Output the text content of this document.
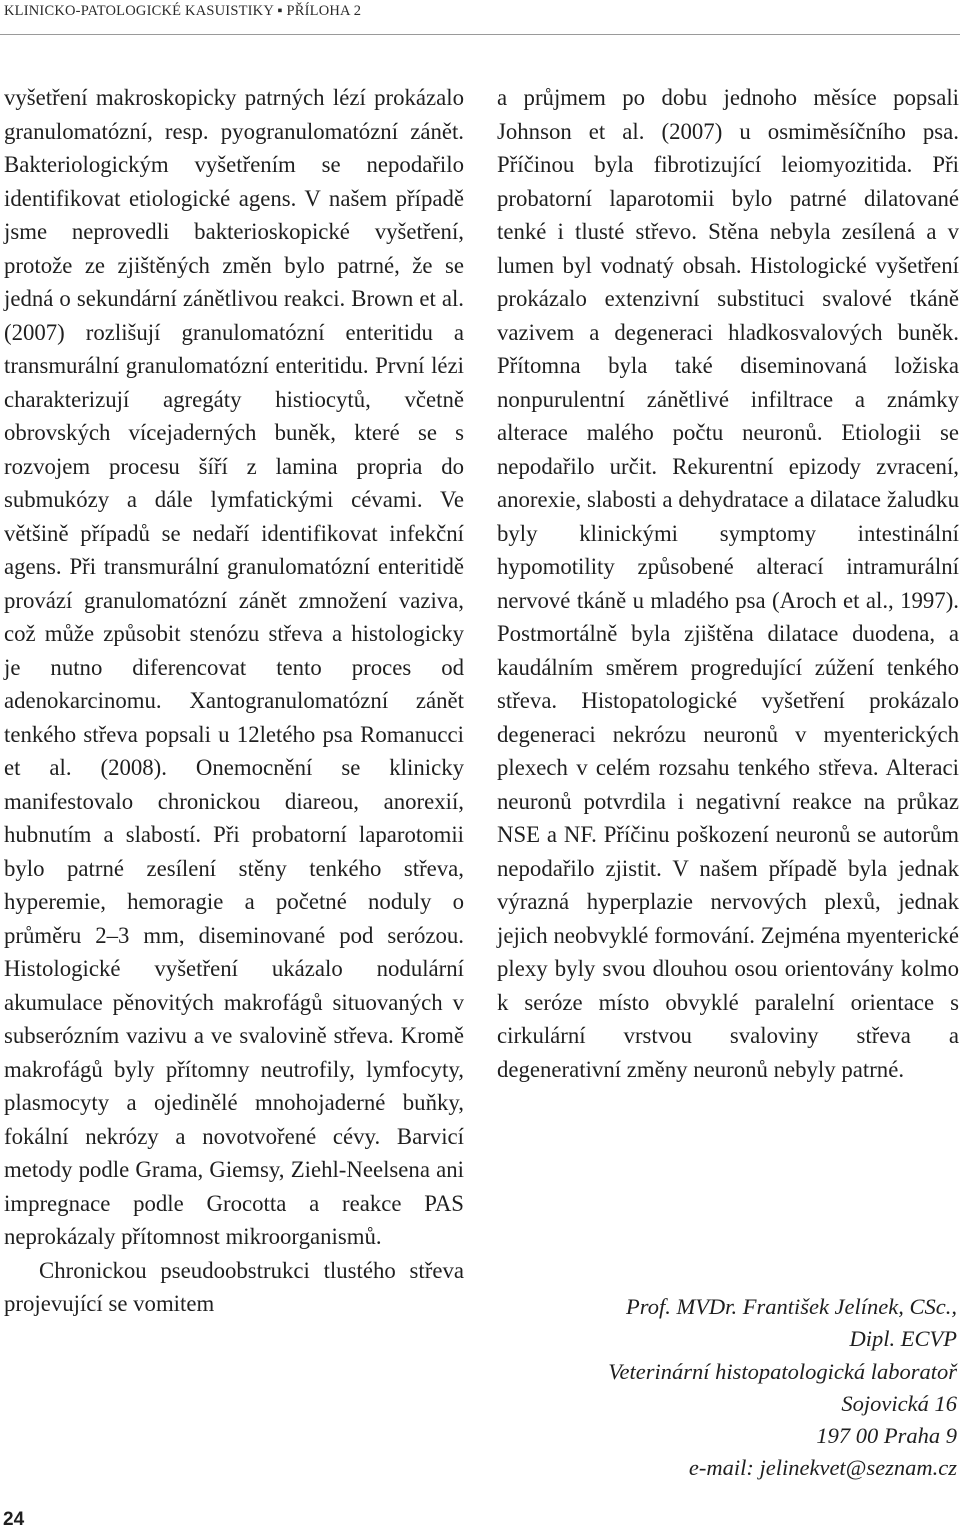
KLINICKO-PATOLOGICKÉ KASUISTIKY ▪ PŘÍLOHA 2

vyšetření makroskopicky patrných lézí prokázalo granulomatózní, resp. pyogranulomatózní zánět. Bakteriologickým vyšetřením se nepodařilo identifikovat etiologické agens. V našem případě jsme neprovedli bakterioskopické vyšetření, protože ze zjištěných změn bylo patrné, že se jedná o sekundární zánětlivou reakci. Brown et al. (2007) rozlišují granulomatózní enteritidu a transmurální granulomatózní enteritidu. První lézi charakterizují agregáty histiocytů, včetně obrovských vícejaderných buněk, které se s rozvojem procesu šíří z lamina propria do submukózy a dále lymfatickými cévami. Ve většině případů se nedaří identifikovat infekční agens. Při transmurální granulomatózní enteritidě provází granulomatózní zánět zmnožení vaziva, což může způsobit stenózu střeva a histologicky je nutno diferencovat tento proces od adenokarcinomu. Xantogranulomatózní zánět tenkého střeva popsali u 12letého psa Romanucci et al. (2008). Onemocnění se klinicky manifestovalo chronickou diareou, anorexií, hubnutím a slabostí. Při probatorní laparotomii bylo patrné zesílení stěny tenkého střeva, hyperemie, hemoragie a početné noduly o průměru 2–3 mm, diseminované pod serózou. Histologické vyšetření ukázalo nodulární akumulace pěnovitých makrofágů situovaných v subserózním vazivu a ve svalovině střeva. Kromě makrofágů byly přítomny neutrofily, lymfocyty, plasmocyty a ojedinělé mnohojaderné buňky, fokální nekrózy a novotvořené cévy. Barvicí metody podle Grama, Giemsy, Ziehl-Neelsena ani impregnace podle Grocotta a reakce PAS neprokázaly přítomnost mikroorganismů.

Chronickou pseudoobstrukci tlustého střeva projevující se vomitem

a průjmem po dobu jednoho měsíce popsali Johnson et al. (2007) u osmiměsíčního psa. Příčinou byla fibrotizující leiomyozitida. Při probatorní laparotomii bylo patrné dilatované tenké i tlusté střevo. Stěna nebyla zesílená a v lumen byl vodnatý obsah. Histologické vyšetření prokázalo extenzivní substituci svalové tkáně vazivem a degeneraci hladkosvalových buněk. Přítomna byla také diseminovaná ložiska nonpurulentní zánětlivé infiltrace a známky alterace malého počtu neuronů. Etiologii se nepodařilo určit. Rekurentní epizody zvracení, anorexie, slabosti a dehydratace a dilatace žaludku byly klinickými symptomy intestinální hypomotility způsobené alterací intramurální nervové tkáně u mladého psa (Aroch et al., 1997). Postmortálně byla zjištěna dilatace duodena, a kaudálním směrem progredující zúžení tenkého střeva. Histopatologické vyšetření prokázalo degeneraci nekrózu neuronů v myenterických plexech v celém rozsahu tenkého střeva. Alteraci neuronů potvrdila i negativní reakce na průkaz NSE a NF. Příčinu poškození neuronů se autorům nepodařilo zjistit. V našem případě byla jednak výrazná hyperplazie nervových plexů, jednak jejich neobvyklé formování. Zejména myenterické plexy byly svou dlouhou osou orientovány kolmo k seróze místo obvyklé paralelní orientace s cirkulární vrstvou svaloviny střeva a degenerativní změny neuronů nebyly patrné.

Prof. MVDr. František Jelínek, CSc.,
Dipl. ECVP
Veterinární histopatologická laboratoř
Sojovická 16
197 00 Praha 9
e-mail: jelinekvet@seznam.cz
24
